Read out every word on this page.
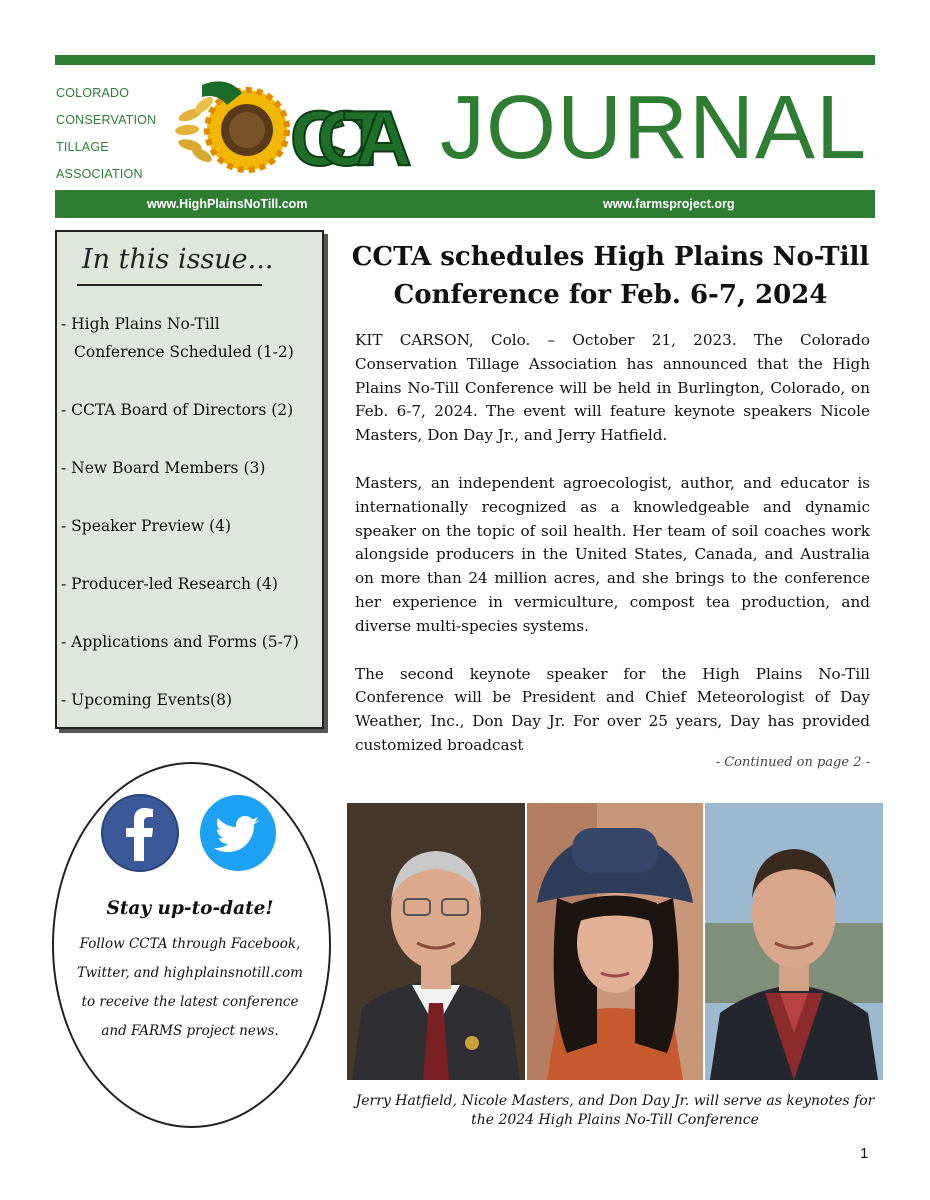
COLORADO
CONSERVATION
TILLAGE
ASSOCIATION	CCTA JOURNAL
www.HighPlainsNoTill.com	www.farmsproject.org
In this issue...
- High Plains No-Till
Conference Scheduled (1-2)
- CCTA Board of Directors (2)
- New Board Members (3)
- Speaker Preview (4)
- Producer-led Research (4)
- Applications and Forms (5-7)
- Upcoming Events(8)
CCTA schedules High Plains No-Till Conference for Feb. 6-7, 2024

KIT CARSON, Colo. – October 21, 2023. The Colorado Conservation Tillage Association has announced that the High Plains No-Till Conference will be held in Burlington, Colorado, on Feb. 6-7, 2024. The event will feature keynote speakers Nicole Masters, Don Day Jr., and Jerry Hatfield.

Masters, an independent agroecologist, author, and educator is internationally recognized as a knowledgeable and dynamic speaker on the topic of soil health. Her team of soil coaches work alongside producers in the United States, Canada, and Australia on more than 24 million acres, and she brings to the conference her experience in vermiculture, compost tea production, and diverse multi-species systems.

The second keynote speaker for the High Plains No-Till Conference will be President and Chief Meteorologist of Day Weather, Inc., Don Day Jr. For over 25 years, Day has provided customized broadcast

- Continued on page 2 -
Stay up-to-date!
Follow CCTA through Facebook, Twitter, and highplainsnotill.com to receive the latest conference and FARMS project news.
Jerry Hatfield, Nicole Masters, and Don Day Jr. will serve as keynotes for the 2024 High Plains No-Till Conference
1
